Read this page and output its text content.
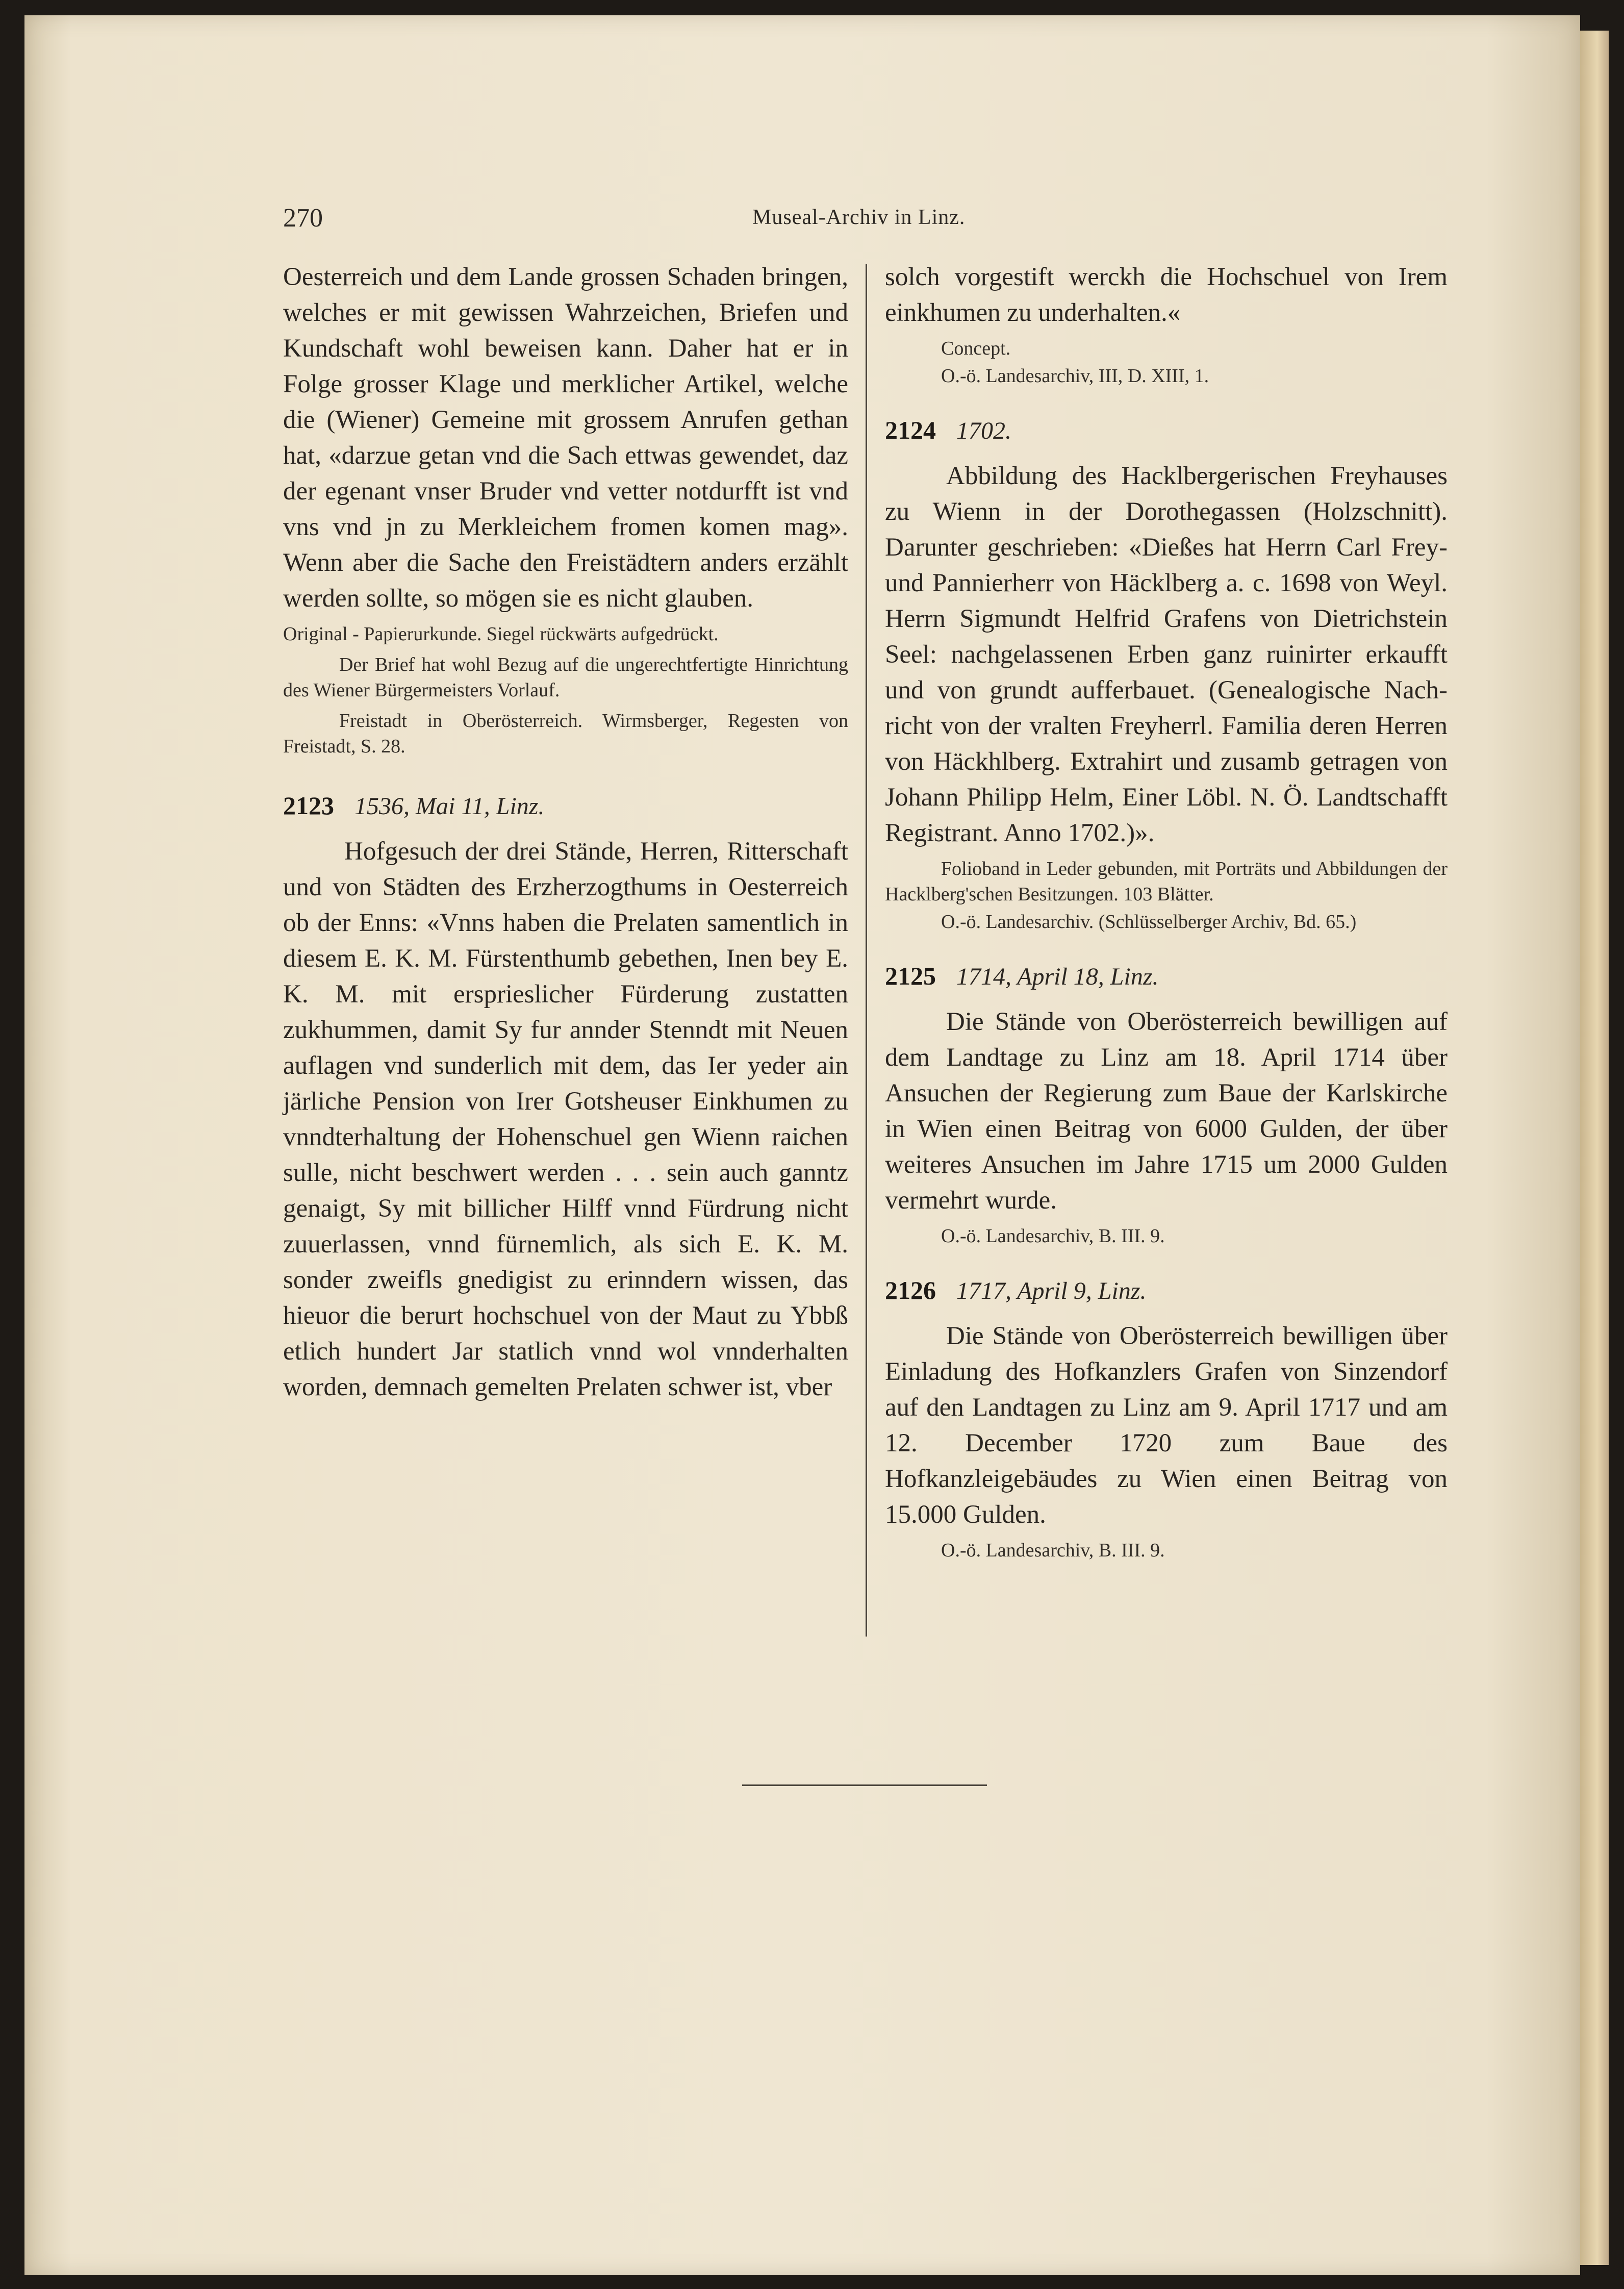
270	Museal-Archiv in Linz.

Oesterreich und dem Lande grossen Schaden bringen, welches er mit gewissen Wahrzeichen, Briefen und Kundschaft wohl beweisen kann. Daher hat er in Folge grosser Klage und merklicher Artikel, welche die (Wiener) Gemeine mit grossem Anrufen gethan hat, «darzue getan vnd die Sach ettwas gewendet, daz der egenant vnser Bruder vnd vetter notdurfft ist vnd vns vnd jn zu Merkleichem fromen komen mag». Wenn aber die Sache den Freistädtern anders erzählt werden sollte, so mögen sie es nicht glauben.

Original - Papierurkunde. Siegel rückwärts aufgedrückt.

Der Brief hat wohl Bezug auf die ungerechtfertigte Hinrichtung des Wiener Bürgermeisters Vorlauf.

Freistadt in Oberösterreich. Wirmsberger, Regesten von Freistadt, S. 28.

2123 1536, Mai 11, Linz.

Hofgesuch der drei Stände, Herren, Ritterschaft und von Städten des Erzherzogthums in Oesterreich ob der Enns: «Vnns haben die Prelaten samentlich in diesem E. K. M. Fürstenthumb gebethen, Inen bey E. K. M. mit ersprieslicher Fürderung zustatten zukhummen, damit Sy fur annder Stenndt mit Neuen auflagen vnd sunderlich mit dem, das Ier yeder ain järliche Pension von Irer Gotsheuser Einkhumen zu vnndterhaltung der Hohenschuel gen Wienn raichen sulle, nicht beschwert werden . . . sein auch ganntz genaigt, Sy mit billicher Hilff vnnd Fürdrung nicht zuuerlassen, vnnd fürnemlich, als sich E. K. M. sonder zweifls gnedigist zu erinndern wissen, das hieuor die berurt hochschuel von der Maut zu Ybbß etlich hundert Jar statlich vnnd wol vnnderhalten worden, demnach gemelten Prelaten schwer ist, vber

solch vorgestift werckh die Hochschuel von Irem einkhumen zu underhalten.«

Concept.

O.-ö. Landesarchiv, III, D. XIII, 1.

2124 1702.

Abbildung des Hacklbergerischen Freyhauses zu Wienn in der Dorothegassen (Holzschnitt). Darunter geschrieben: «Dießes hat Herrn Carl Frey- und Pannierherr von Häcklberg a. c. 1698 von Weyl. Herrn Sigmundt Helfrid Grafens von Dietrichstein Seel: nachgelassenen Erben ganz ruinirter erkaufft und von grundt aufferbauet. (Genealogische Nachricht von der vralten Freyherrl. Familia deren Herren von Häckhlberg. Extrahirt und zusamb getragen von Johann Philipp Helm, Einer Löbl. N. Ö. Landtschafft Registrant. Anno 1702.)».

Folioband in Leder gebunden, mit Porträts und Abbildungen der Hacklberg'schen Besitzungen. 103 Blätter.

O.-ö. Landesarchiv. (Schlüsselberger Archiv, Bd. 65.)

2125 1714, April 18, Linz.

Die Stände von Oberösterreich bewilligen auf dem Landtage zu Linz am 18. April 1714 über Ansuchen der Regierung zum Baue der Karlskirche in Wien einen Beitrag von 6000 Gulden, der über weiteres Ansuchen im Jahre 1715 um 2000 Gulden vermehrt wurde.

O.-ö. Landesarchiv, B. III. 9.

2126 1717, April 9, Linz.

Die Stände von Oberösterreich bewilligen über Einladung des Hofkanzlers Grafen von Sinzendorf auf den Landtagen zu Linz am 9. April 1717 und am 12. December 1720 zum Baue des Hofkanzleigebäudes zu Wien einen Beitrag von 15.000 Gulden.

O.-ö. Landesarchiv, B. III. 9.
